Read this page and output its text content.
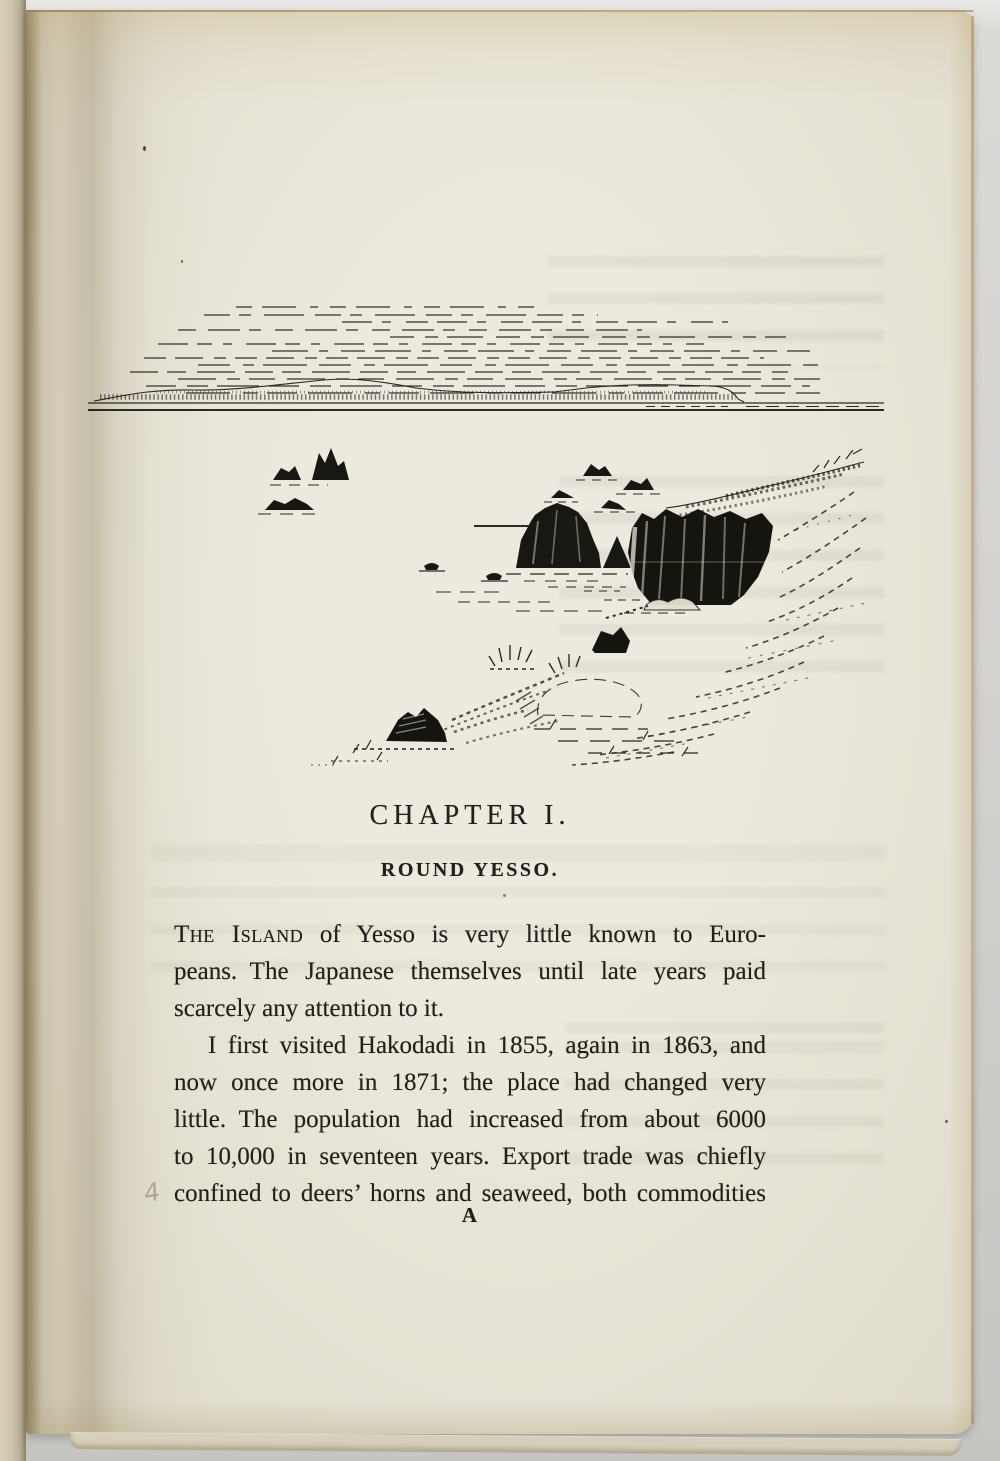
CHAPTER I.
ROUND YESSO.
The Island of Yesso is very little known to Euro-
peans. The Japanese themselves until late years paid
scarcely any attention to it.
I first visited Hakodadi in 1855, again in 1863, and
now once more in 1871; the place had changed very
little. The population had increased from about 6000
to 10,000 in seventeen years. Export trade was chiefly
confined to deers’ horns and seaweed, both commodities
A
4
